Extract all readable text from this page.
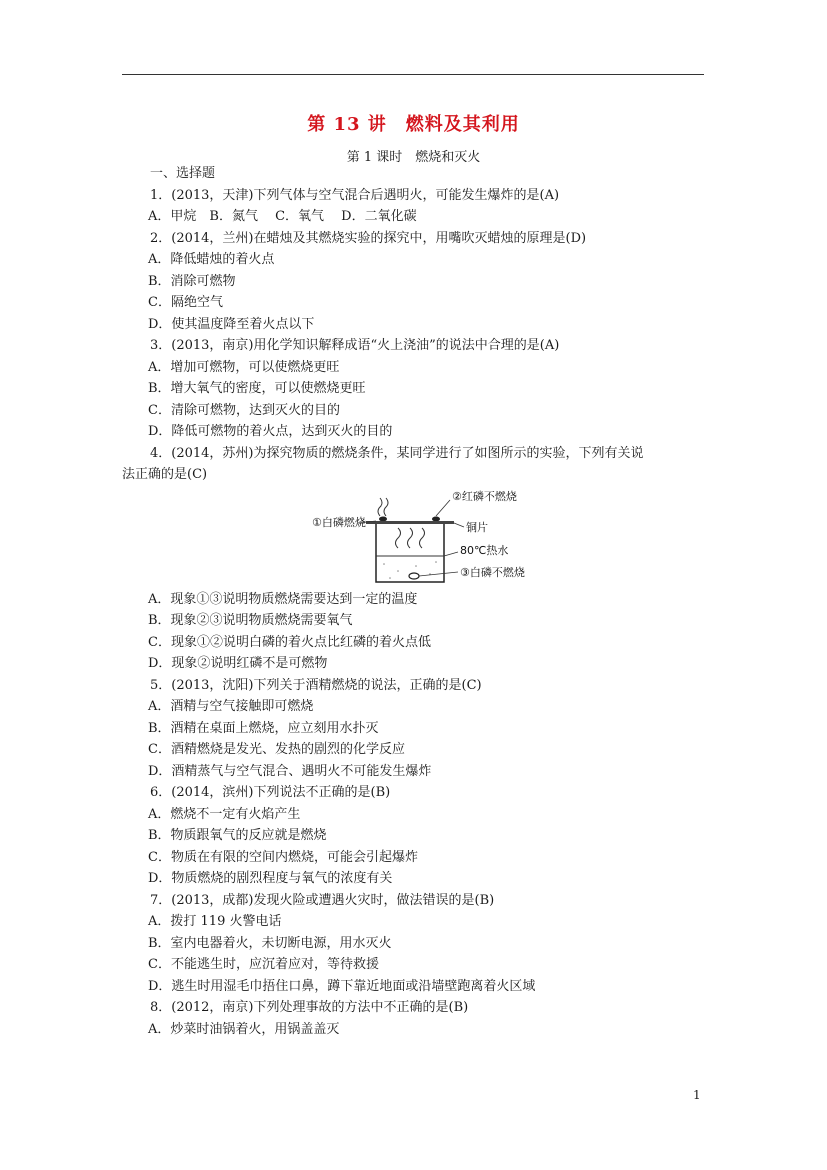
第 13 讲　燃料及其利用
第 1 课时　燃烧和灭火
一、选择题
1．(2013，天津)下列气体与空气混合后遇明火，可能发生爆炸的是(A)
A．甲烷　B．氮气　 C．氧气　 D．二氧化碳
2．(2014，兰州)在蜡烛及其燃烧实验的探究中，用嘴吹灭蜡烛的原理是(D)
A．降低蜡烛的着火点
B．消除可燃物
C．隔绝空气
D．使其温度降至着火点以下
3．(2013，南京)用化学知识解释成语“火上浇油”的说法中合理的是(A)
A．增加可燃物，可以使燃烧更旺
B．增大氧气的密度，可以使燃烧更旺
C．清除可燃物，达到灭火的目的
D．降低可燃物的着火点，达到灭火的目的
4．(2014，苏州)为探究物质的燃烧条件，某同学进行了如图所示的实验，下列有关说
法正确的是(C)
①白磷燃烧
②红磷不燃烧
铜片
80℃热水
③白磷不燃烧
A．现象①③说明物质燃烧需要达到一定的温度
B．现象②③说明物质燃烧需要氧气
C．现象①②说明白磷的着火点比红磷的着火点低
D．现象②说明红磷不是可燃物
5．(2013，沈阳)下列关于酒精燃烧的说法，正确的是(C)
A．酒精与空气接触即可燃烧
B．酒精在桌面上燃烧，应立刻用水扑灭
C．酒精燃烧是发光、发热的剧烈的化学反应
D．酒精蒸气与空气混合、遇明火不可能发生爆炸
6．(2014，滨州)下列说法不正确的是(B)
A．燃烧不一定有火焰产生
B．物质跟氧气的反应就是燃烧
C．物质在有限的空间内燃烧，可能会引起爆炸
D．物质燃烧的剧烈程度与氧气的浓度有关
7．(2013，成都)发现火险或遭遇火灾时，做法错误的是(B)
A．拨打 119 火警电话
B．室内电器着火，未切断电源，用水灭火
C．不能逃生时，应沉着应对，等待救援
D．逃生时用湿毛巾捂住口鼻，蹲下靠近地面或沿墙壁跑离着火区域
8．(2012，南京)下列处理事故的方法中不正确的是(B)
A．炒菜时油锅着火，用锅盖盖灭
1
